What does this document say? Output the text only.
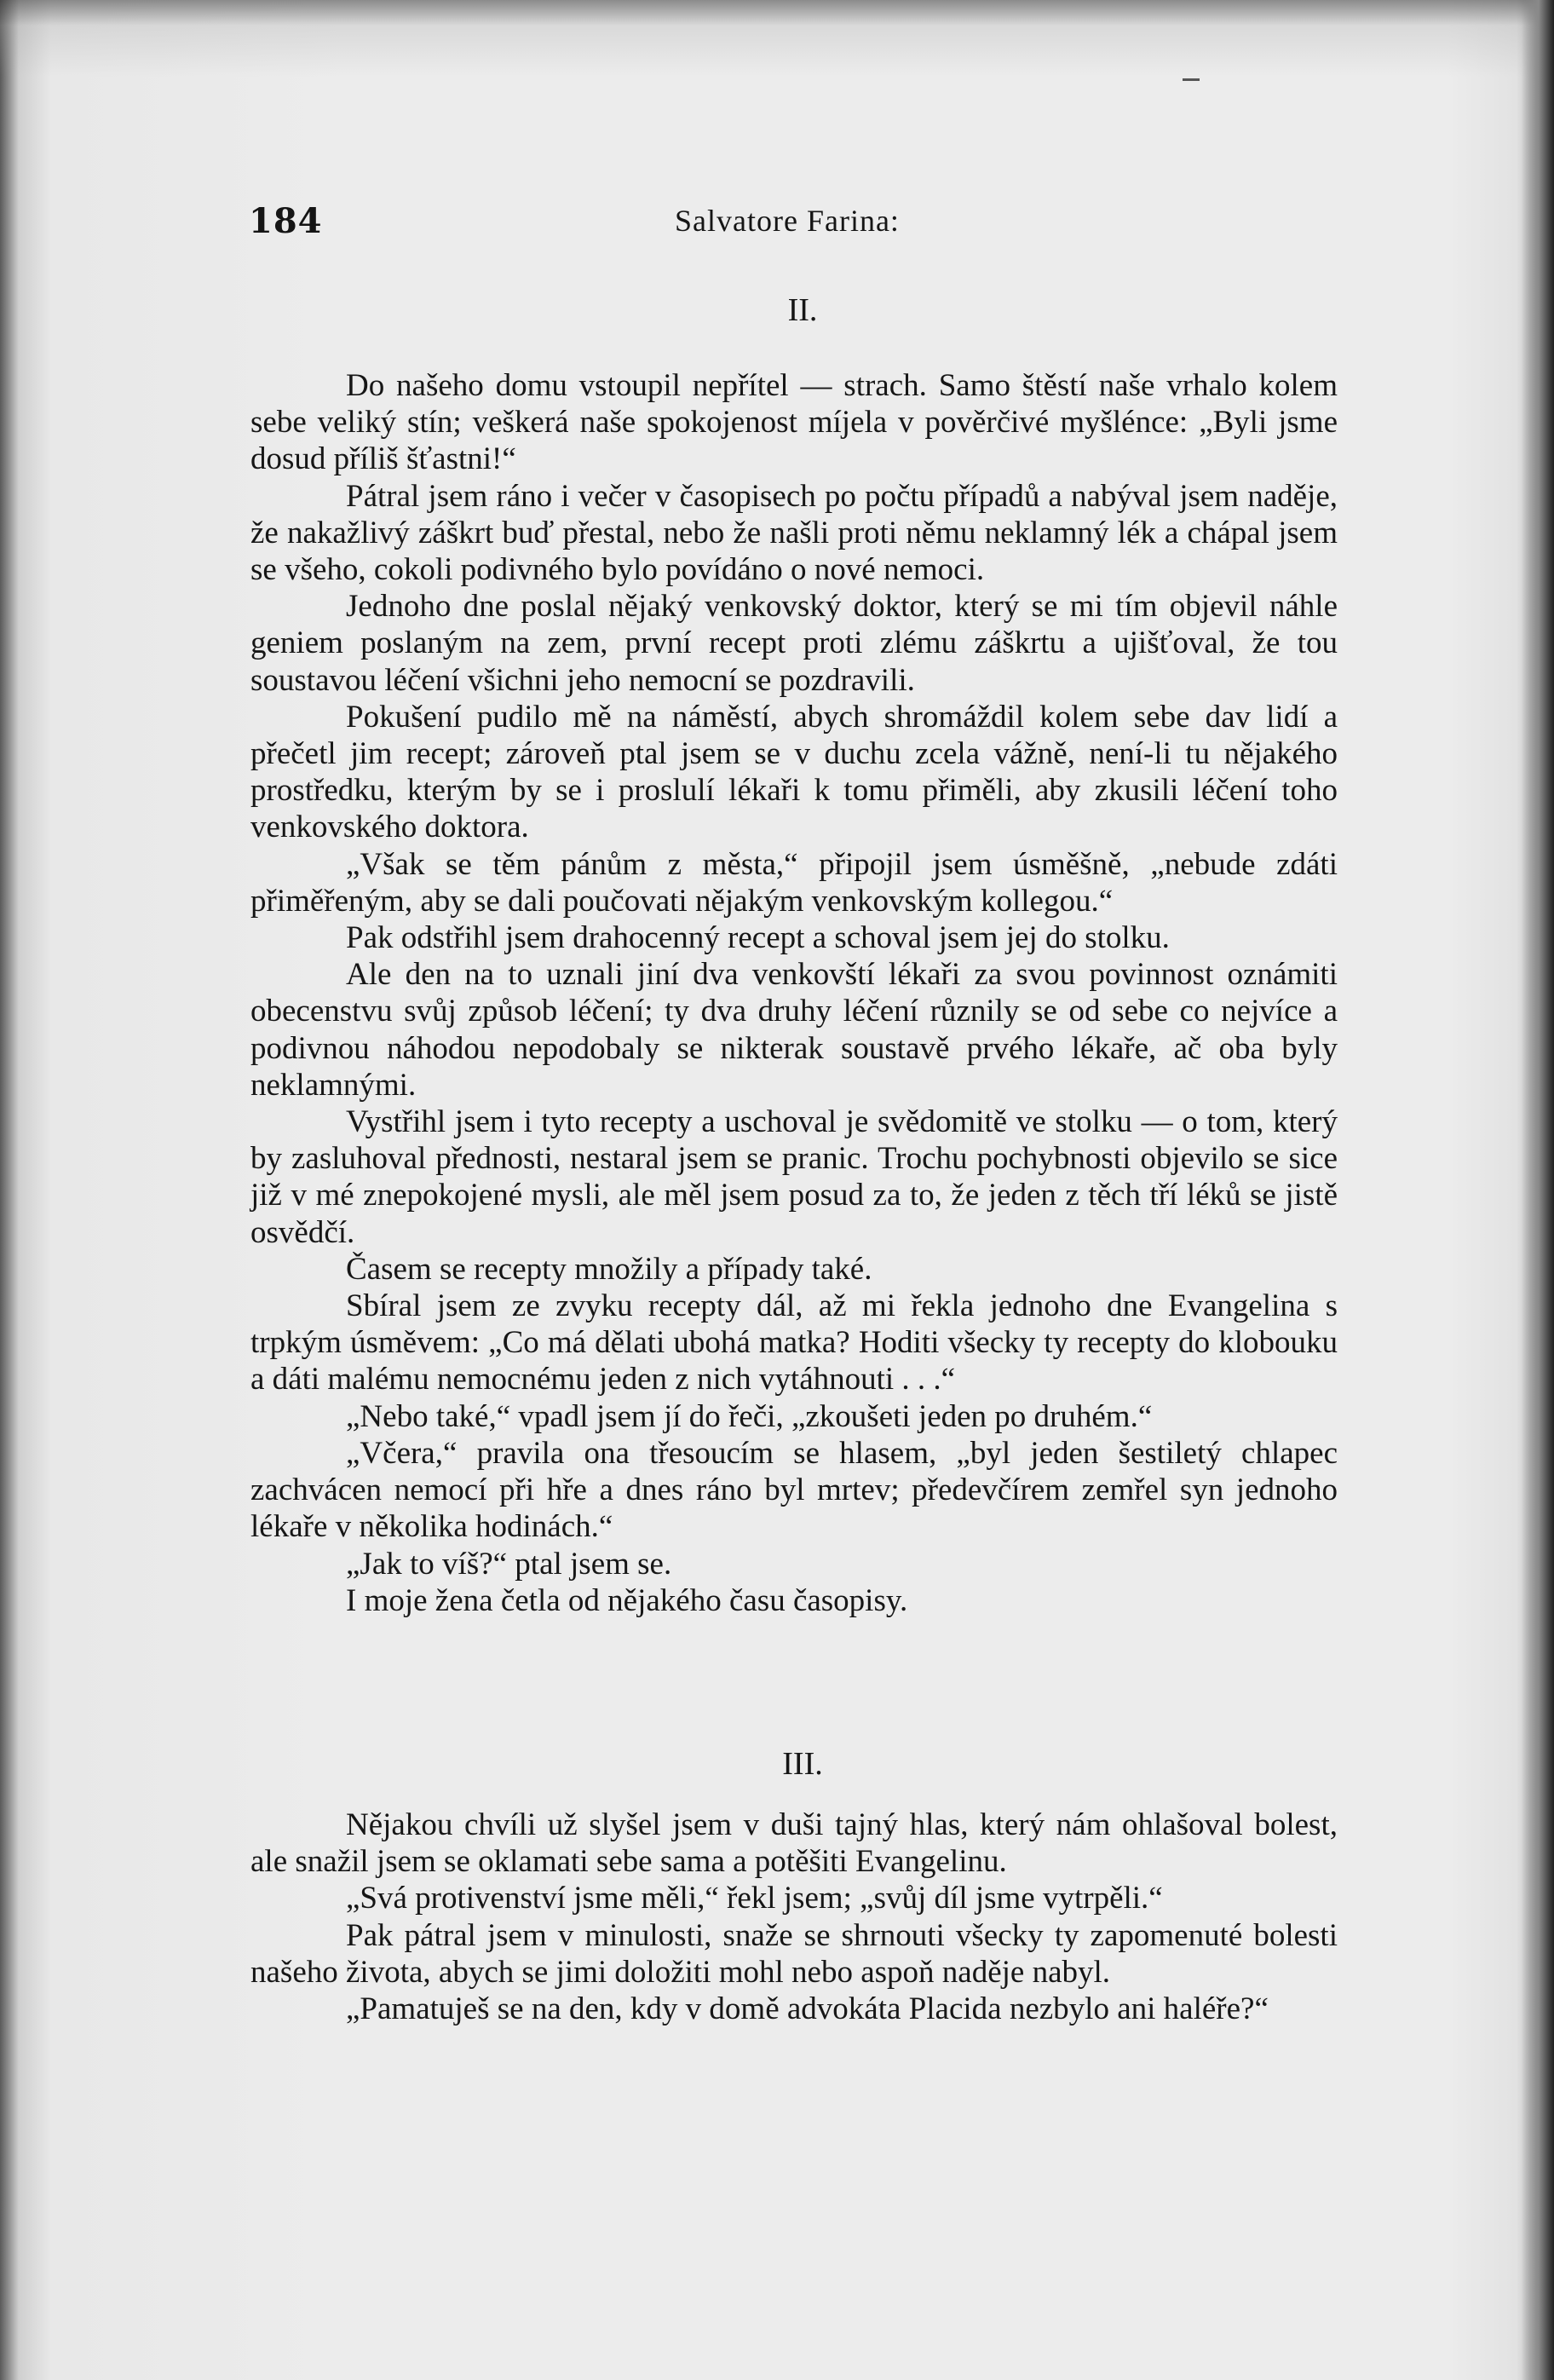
184	Salvatore Farina:
II.

Do našeho domu vstoupil nepřítel — strach. Samo štěstí naše vrhalo kolem sebe veliký stín; veškerá naše spokojenost míjela v pověrčivé myšlénce: „Byli jsme dosud příliš šťastni!“

Pátral jsem ráno i večer v časopisech po počtu případů a nabýval jsem naděje, že nakažlivý záškrt buď přestal, nebo že našli proti němu neklamný lék a chápal jsem se všeho, cokoli podivného bylo povídáno o nové nemoci.

Jednoho dne poslal nějaký venkovský doktor, který se mi tím objevil náhle geniem poslaným na zem, první recept proti zlému záškrtu a ujišťoval, že tou soustavou léčení všichni jeho nemocní se pozdravili.

Pokušení pudilo mě na náměstí, abych shromáždil kolem sebe dav lidí a přečetl jim recept; zároveň ptal jsem se v duchu zcela vážně, není-li tu nějakého prostředku, kterým by se i proslulí lékaři k tomu přiměli, aby zkusili léčení toho venkovského doktora.

„Však se těm pánům z města,“ připojil jsem úsměšně, „nebude zdáti přiměřeným, aby se dali poučovati nějakým venkovským kollegou.“

Pak odstřihl jsem drahocenný recept a schoval jsem jej do stolku.

Ale den na to uznali jiní dva venkovští lékaři za svou povinnost oznámiti obecenstvu svůj způsob léčení; ty dva druhy léčení různily se od sebe co nejvíce a podivnou náhodou nepodobaly se nikterak soustavě prvého lékaře, ač oba byly neklamnými.

Vystřihl jsem i tyto recepty a uschoval je svědomitě ve stolku — o tom, který by zasluhoval přednosti, nestaral jsem se pranic. Trochu pochybnosti objevilo se sice již v mé znepokojené mysli, ale měl jsem posud za to, že jeden z těch tří léků se jistě osvědčí.

Časem se recepty množily a případy také.

Sbíral jsem ze zvyku recepty dál, až mi řekla jednoho dne Evangelina s trpkým úsměvem: „Co má dělati ubohá matka? Hoditi všecky ty recepty do klobouku a dáti malému nemocnému jeden z nich vytáhnouti . . .“

„Nebo také,“ vpadl jsem jí do řeči, „zkoušeti jeden po druhém.“

„Včera,“ pravila ona třesoucím se hlasem, „byl jeden šestiletý chlapec zachvácen nemocí při hře a dnes ráno byl mrtev; předevčírem zemřel syn jednoho lékaře v několika hodinách.“

„Jak to víš?“ ptal jsem se.

I moje žena četla od nějakého času časopisy.

III.

Nějakou chvíli už slyšel jsem v duši tajný hlas, který nám ohlašoval bolest, ale snažil jsem se oklamati sebe sama a potěšiti Evangelinu.

„Svá protivenství jsme měli,“ řekl jsem; „svůj díl jsme vytrpěli.“

Pak pátral jsem v minulosti, snaže se shrnouti všecky ty zapomenuté bolesti našeho života, abych se jimi doložiti mohl nebo aspoň naděje nabyl.

„Pamatuješ se na den, kdy v domě advokáta Placida nezbylo ani haléře?“
